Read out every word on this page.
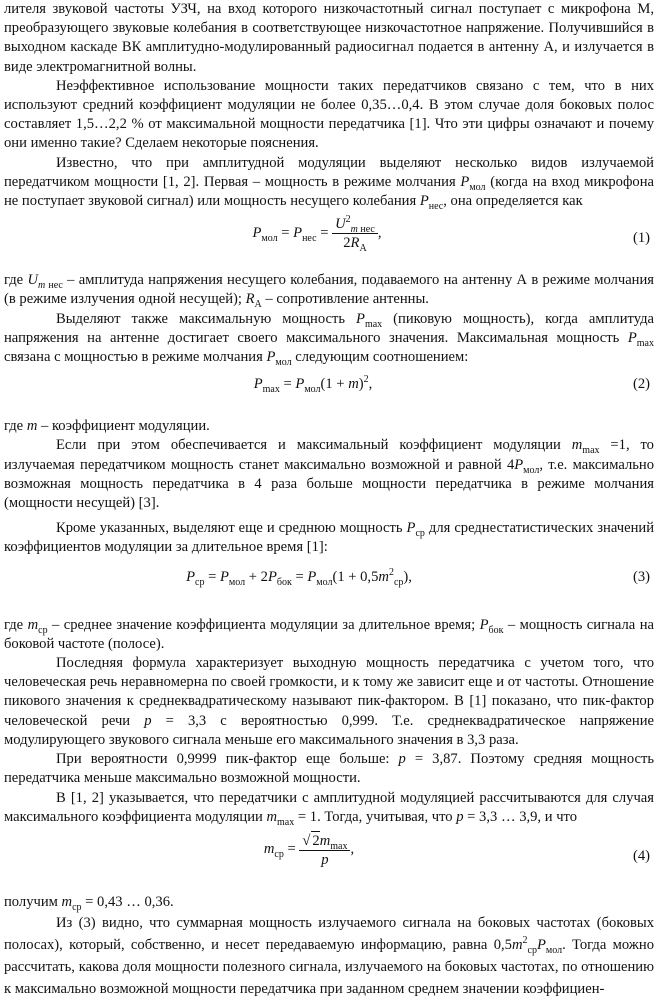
лителя звуковой частоты УЗЧ, на вход которого низкочастотный сигнал поступает с микрофона М, преобразующего звуковые колебания в соответствующее низкочастотное напряжение. Получившийся в выходном каскаде ВК амплитудно-модулированный радиосигнал подается в антенну А, и излучается в виде электромагнитной волны.

Неэффективное использование мощности таких передатчиков связано с тем, что в них используют средний коэффициент модуляции не более 0,35…0,4. В этом случае доля боковых полос составляет 1,5…2,2 % от максимальной мощности передатчика [1]. Что эти цифры означают и почему они именно такие? Сделаем некоторые пояснения.

Известно, что при амплитудной модуляции выделяют несколько видов излучаемой передатчиком мощности [1, 2]. Первая – мощность в режиме молчания $P_{мол}$ (когда на вход микрофона не поступает звуковой сигнал) или мощность несущего колебания $P_{нес}$, она определяется как

$P_{мол} = P_{нес} = \frac{U^2_{m нес}}{2R_A}$ ,	(1)

где $U_{m нес}$ – амплитуда напряжения несущего колебания, подаваемого на антенну А в режиме молчания (в режиме излучения одной несущей); $R_A$ – сопротивление антенны.

Выделяют также максимальную мощность $P_{max}$ (пиковую мощность), когда амплитуда напряжения на антенне достигает своего максимального значения. Максимальная мощность $P_{max}$ связана с мощностью в режиме молчания $P_{мол}$ следующим соотношением:

$P_{max} = P_{мол}(1 + m)^2$,	(2)

где m – коэффициент модуляции.

Если при этом обеспечивается и максимальный коэффициент модуляции $m_{max} =1$, то излучаемая передатчиком мощность станет максимально возможной и равной $4P_{мол}$, т.е. максимально возможная мощность передатчика в 4 раза больше мощности передатчика в режиме молчания (мощности несущей) [3].

Кроме указанных, выделяют еще и среднюю мощность $P_{ср}$ для среднестатистических значений коэффициентов модуляции за длительное время [1]:

$P_{ср} = P_{мол} + 2P_{бок} = P_{мол}(1 + 0,5m^2_{ср})$,	(3)

где $m_{ср}$ – среднее значение коэффициента модуляции за длительное время; $P_{бок}$ – мощность сигнала на боковой частоте (полосе).

Последняя формула характеризует выходную мощность передатчика с учетом того, что человеческая речь неравномерна по своей громкости, и к тому же зависит еще и от частоты. Отношение пикового значения к среднеквадратическому называют пик-фактором. В [1] показано, что пик-фактор человеческой речи p = 3,3 с вероятностью 0,999. Т.е. среднеквадратическое напряжение модулирующего звукового сигнала меньше его максимального значения в 3,3 раза.

При вероятности 0,9999 пик-фактор еще больше: p = 3,87. Поэтому средняя мощность передатчика меньше максимально возможной мощности.

В [1, 2] указывается, что передатчики с амплитудной модуляцией рассчитываются для случая максимального коэффициента модуляции $m_{max} = 1$. Тогда, учитывая, что p = 3,3 … 3,9, и что

$m_{ср} = \frac{√ 2m_{max}}{p}$ ,	(4)

получим $m_{ср} = 0,43$ … 0,36.

Из (3) видно, что суммарная мощность излучаемого сигнала на боковых частотах (боковых полосах), который, собственно, и несет передаваемую информацию, равна $0,5m^2_{ср}P_{мол}$. Тогда можно рассчитать, какова доля мощности полезного сигнала, излучаемого на боковых частотах, по отношению к максимально возможной мощности передатчика при заданном среднем значении коэффициен-
